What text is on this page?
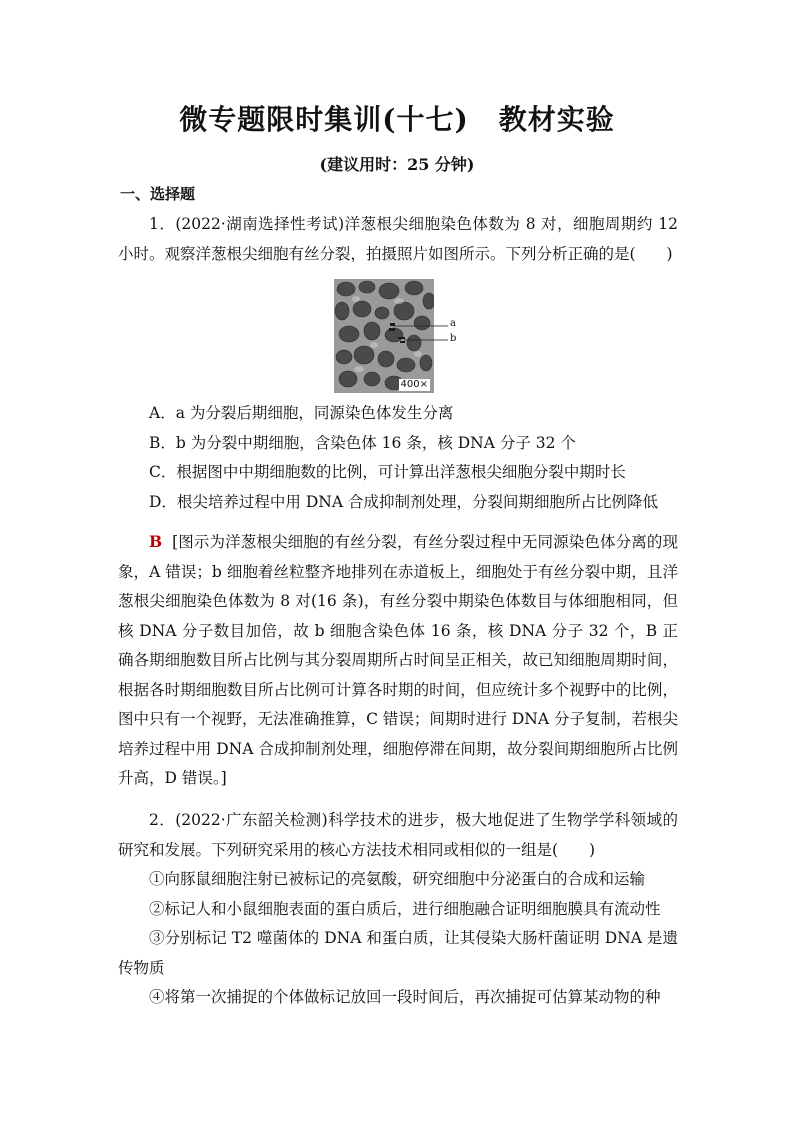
微专题限时集训(十七) 教材实验
(建议用时：25 分钟)
一、选择题

1．(2022·湖南选择性考试)洋葱根尖细胞染色体数为 8 对，细胞周期约 12 小时。观察洋葱根尖细胞有丝分裂，拍摄照片如图所示。下列分析正确的是(　　)

a
b
400×

A．a 为分裂后期细胞，同源染色体发生分离

B．b 为分裂中期细胞，含染色体 16 条，核 DNA 分子 32 个

C．根据图中中期细胞数的比例，可计算出洋葱根尖细胞分裂中期时长

D．根尖培养过程中用 DNA 合成抑制剂处理，分裂间期细胞所占比例降低

B [图示为洋葱根尖细胞的有丝分裂，有丝分裂过程中无同源染色体分离的现象，A 错误；b 细胞着丝粒整齐地排列在赤道板上，细胞处于有丝分裂中期，且洋葱根尖细胞染色体数为 8 对(16 条)，有丝分裂中期染色体数目与体细胞相同，但核 DNA 分子数目加倍，故 b 细胞含染色体 16 条，核 DNA 分子 32 个，B 正确各期细胞数目所占比例与其分裂周期所占时间呈正相关，故已知细胞周期时间，根据各时期细胞数目所占比例可计算各时期的时间，但应统计多个视野中的比例，图中只有一个视野，无法准确推算，C 错误；间期时进行 DNA 分子复制，若根尖培养过程中用 DNA 合成抑制剂处理，细胞停滞在间期，故分裂间期细胞所占比例升高，D 错误。]

2．(2022·广东韶关检测)科学技术的进步，极大地促进了生物学学科领域的研究和发展。下列研究采用的核心方法技术相同或相似的一组是(　　)

①向豚鼠细胞注射已被标记的亮氨酸，研究细胞中分泌蛋白的合成和运输

②标记人和小鼠细胞表面的蛋白质后，进行细胞融合证明细胞膜具有流动性

③分别标记 T2 噬菌体的 DNA 和蛋白质，让其侵染大肠杆菌证明 DNA 是遗传物质

④将第一次捕捉的个体做标记放回一段时间后，再次捕捉可估算某动物的种
